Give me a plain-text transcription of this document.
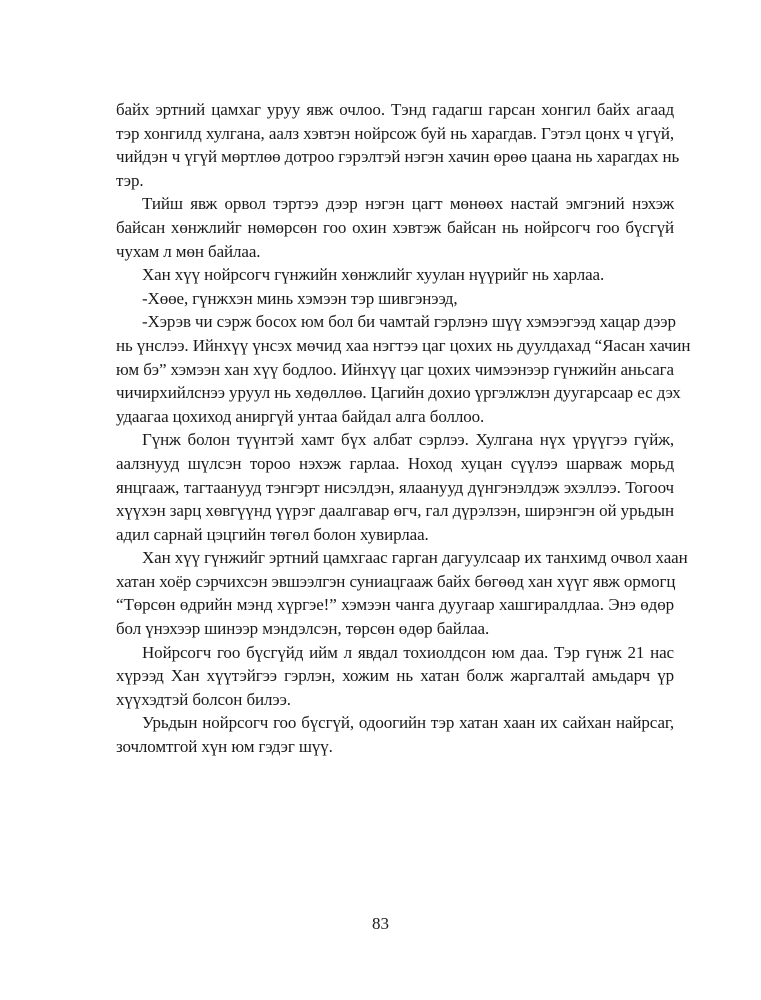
байх эртний цамхаг уруу явж очлоо. Тэнд гадагш гарсан хонгил байх агаад
тэр хонгилд хулгана, аалз хэвтэн нойрсож буй нь харагдав. Гэтэл цонх ч үгүй,
чийдэн ч үгүй мөртлөө дотроо гэрэлтэй нэгэн хачин өрөө цаана нь харагдах нь
тэр.

Тийш явж орвол тэртээ дээр нэгэн цагт мөнөөх настай эмгэний нэхэж
байсан хөнжлийг нөмөрсөн гоо охин хэвтэж байсан нь нойрсогч гоо бүсгүй
чухам л мөн байлаа.

Хан хүү нойрсогч гүнжийн хөнжлийг хуулан нүүрийг нь харлаа.

-Хөөе, гүнжхэн минь хэмээн тэр шивгэнээд,

-Хэрэв чи сэрж босох юм бол би чамтай гэрлэнэ шүү хэмээгээд хацар дээр
нь үнслээ. Ийнхүү үнсэх мөчид хаа нэгтээ цаг цохих нь дуулдахад “Яасан хачин
юм бэ” хэмээн хан хүү бодлоо. Ийнхүү цаг цохих чимээнээр гүнжийн аньсага
чичирхийлснээ уруул нь хөдөллөө. Цагийн дохио үргэлжлэн дуугарсаар ес дэх
удаагаа цохиход аниргүй унтаа байдал алга боллоо.

Гүнж болон түүнтэй хамт бүх албат сэрлээ. Хулгана нүх үрүүгээ гүйж,
аалзнууд шүлсэн тороо нэхэж гарлаа. Ноход хуцан сүүлээ шарваж морьд
янцгааж, тагтаанууд тэнгэрт нисэлдэн, ялаанууд дүнгэнэлдэж эхэллээ. Тогооч
хүүхэн зарц хөвгүүнд үүрэг даалгавар өгч, гал дүрэлзэн, ширэнгэн ой урьдын
адил сарнай цэцгийн төгөл болон хувирлаа.

Хан хүү гүнжийг эртний цамхгаас гарган дагуулсаар их танхимд очвол хаан
хатан хоёр сэрчихсэн эвшээлгэн суниацгааж байх бөгөөд хан хүүг явж ормогц
“Төрсөн өдрийн мэнд хүргэе!” хэмээн чанга дуугаар хашгиралдлаа. Энэ өдөр
бол үнэхээр шинээр мэндэлсэн, төрсөн өдөр байлаа.

Нойрсогч гоо бүсгүйд ийм л явдал тохиолдсон юм даа. Тэр гүнж 21 нас
хүрээд Хан хүүтэйгээ гэрлэн, хожим нь хатан болж жаргалтай амьдарч үр
хүүхэдтэй болсон билээ.

Урьдын нойрсогч гоо бүсгүй, одоогийн тэр хатан хаан их сайхан найрсаг,
зочломтгой хүн юм гэдэг шүү.

83
